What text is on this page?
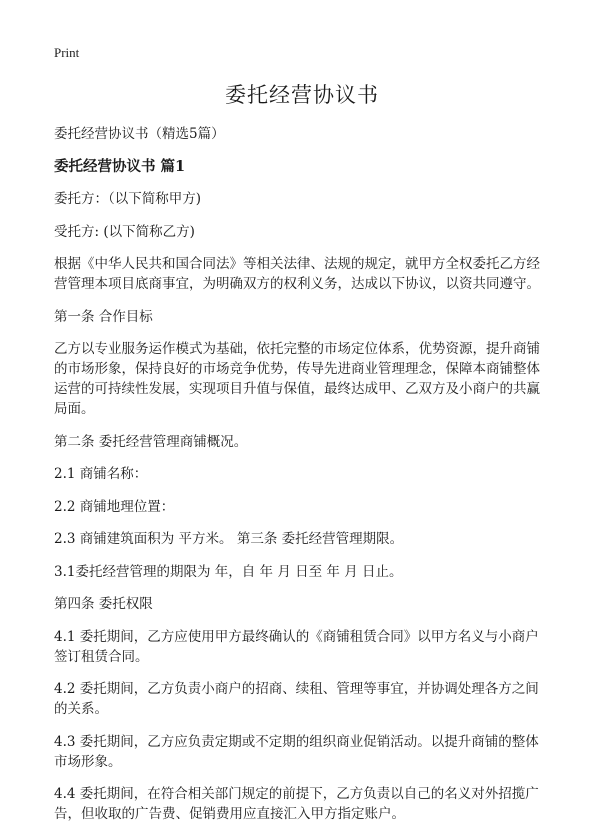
Print
委托经营协议书

委托经营协议书（精选5篇）

委托经营协议书 篇1

委托方：（以下简称甲方)

受托方: (以下简称乙方)

根据《中华人民共和国合同法》等相关法律、法规的规定，就甲方全权委托乙方经营管理本项目底商事宜，为明确双方的权利义务，达成以下协议，以资共同遵守。

第一条 合作目标

乙方以专业服务运作模式为基础，依托完整的市场定位体系，优势资源，提升商铺的市场形象，保持良好的市场竞争优势，传导先进商业管理理念，保障本商铺整体运营的可持续性发展，实现项目升值与保值，最终达成甲、乙双方及小商户的共赢局面。

第二条 委托经营管理商铺概况。

2.1 商铺名称：

2.2 商铺地理位置：

2.3 商铺建筑面积为 平方米。 第三条 委托经营管理期限。

3.1委托经营管理的期限为 年，自 年 月 日至 年 月 日止。

第四条 委托权限

4.1 委托期间，乙方应使用甲方最终确认的《商铺租赁合同》以甲方名义与小商户签订租赁合同。

4.2 委托期间，乙方负责小商户的招商、续租、管理等事宜，并协调处理各方之间的关系。

4.3 委托期间，乙方应负责定期或不定期的组织商业促销活动。以提升商铺的整体市场形象。

4.4 委托期间，在符合相关部门规定的前提下，乙方负责以自己的名义对外招揽广告，但收取的广告费、促销费用应直接汇入甲方指定账户。
